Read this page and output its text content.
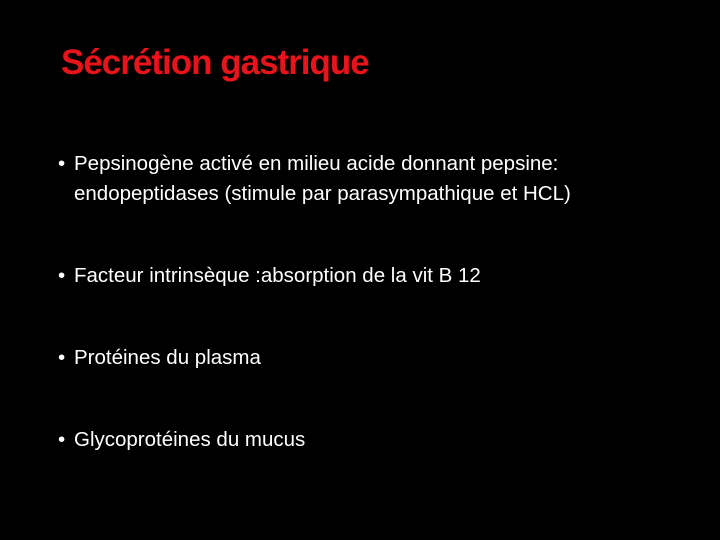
Sécrétion gastrique
• Pepsinogène activé en milieu acide donnant pepsine: endopeptidases (stimule par parasympathique et HCL)
• Facteur intrinsèque :absorption de la vit B 12
• Protéines du plasma
• Glycoprotéines du mucus
